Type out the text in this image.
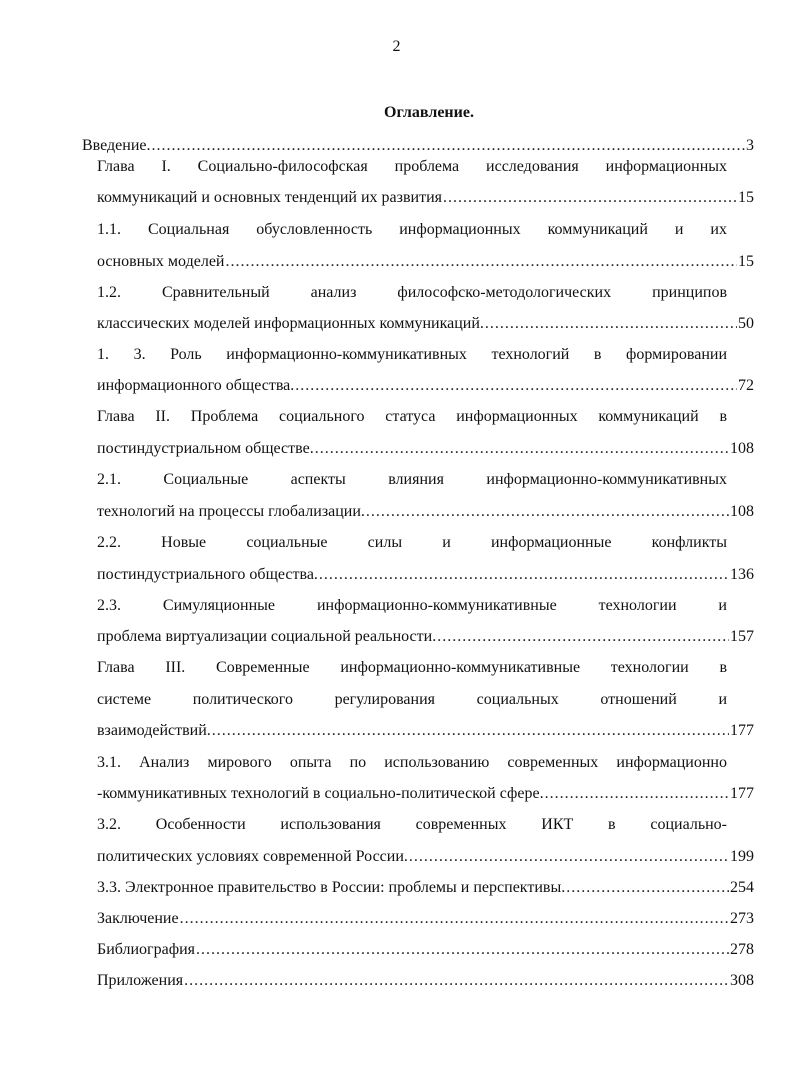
2
Оглавление.
Введение. .....	3
Глава I. Социально-философская проблема исследования информационных
коммуникаций и основных тенденций их развития .....	15
1.1. Социальная обусловленность информационных коммуникаций и их
основных моделей .....	15
1.2. Сравнительный анализ философско-методологических принципов
классических моделей информационных коммуникаций. .....	50
1. 3. Роль информационно-коммуникативных технологий в формировании
информационного общества. .....	72
Глава II. Проблема социального статуса информационных коммуникаций в
постиндустриальном обществе. .....	108
2.1. Социальные аспекты влияния информационно-коммуникативных
технологий на процессы глобализации. .....	108
2.2. Новые социальные силы и информационные конфликты
постиндустриального общества. .....	136
2.3. Симуляционные информационно-коммуникативные технологии и
проблема виртуализации социальной реальности. .....	157
Глава III. Современные информационно-коммуникативные технологии в
системе политического регулирования социальных отношений и
взаимодействий. .....	177
3.1. Анализ мирового опыта по использованию современных информационно
-коммуникативных технологий в социально-политической сфере. .....	177
3.2. Особенности использования современных ИКТ в социально-
политических условиях современной России. .....	199
3.3. Электронное правительство в России: проблемы и перспективы. .....	254
Заключение .....	273
Библиография .....	278
Приложения .....	308
